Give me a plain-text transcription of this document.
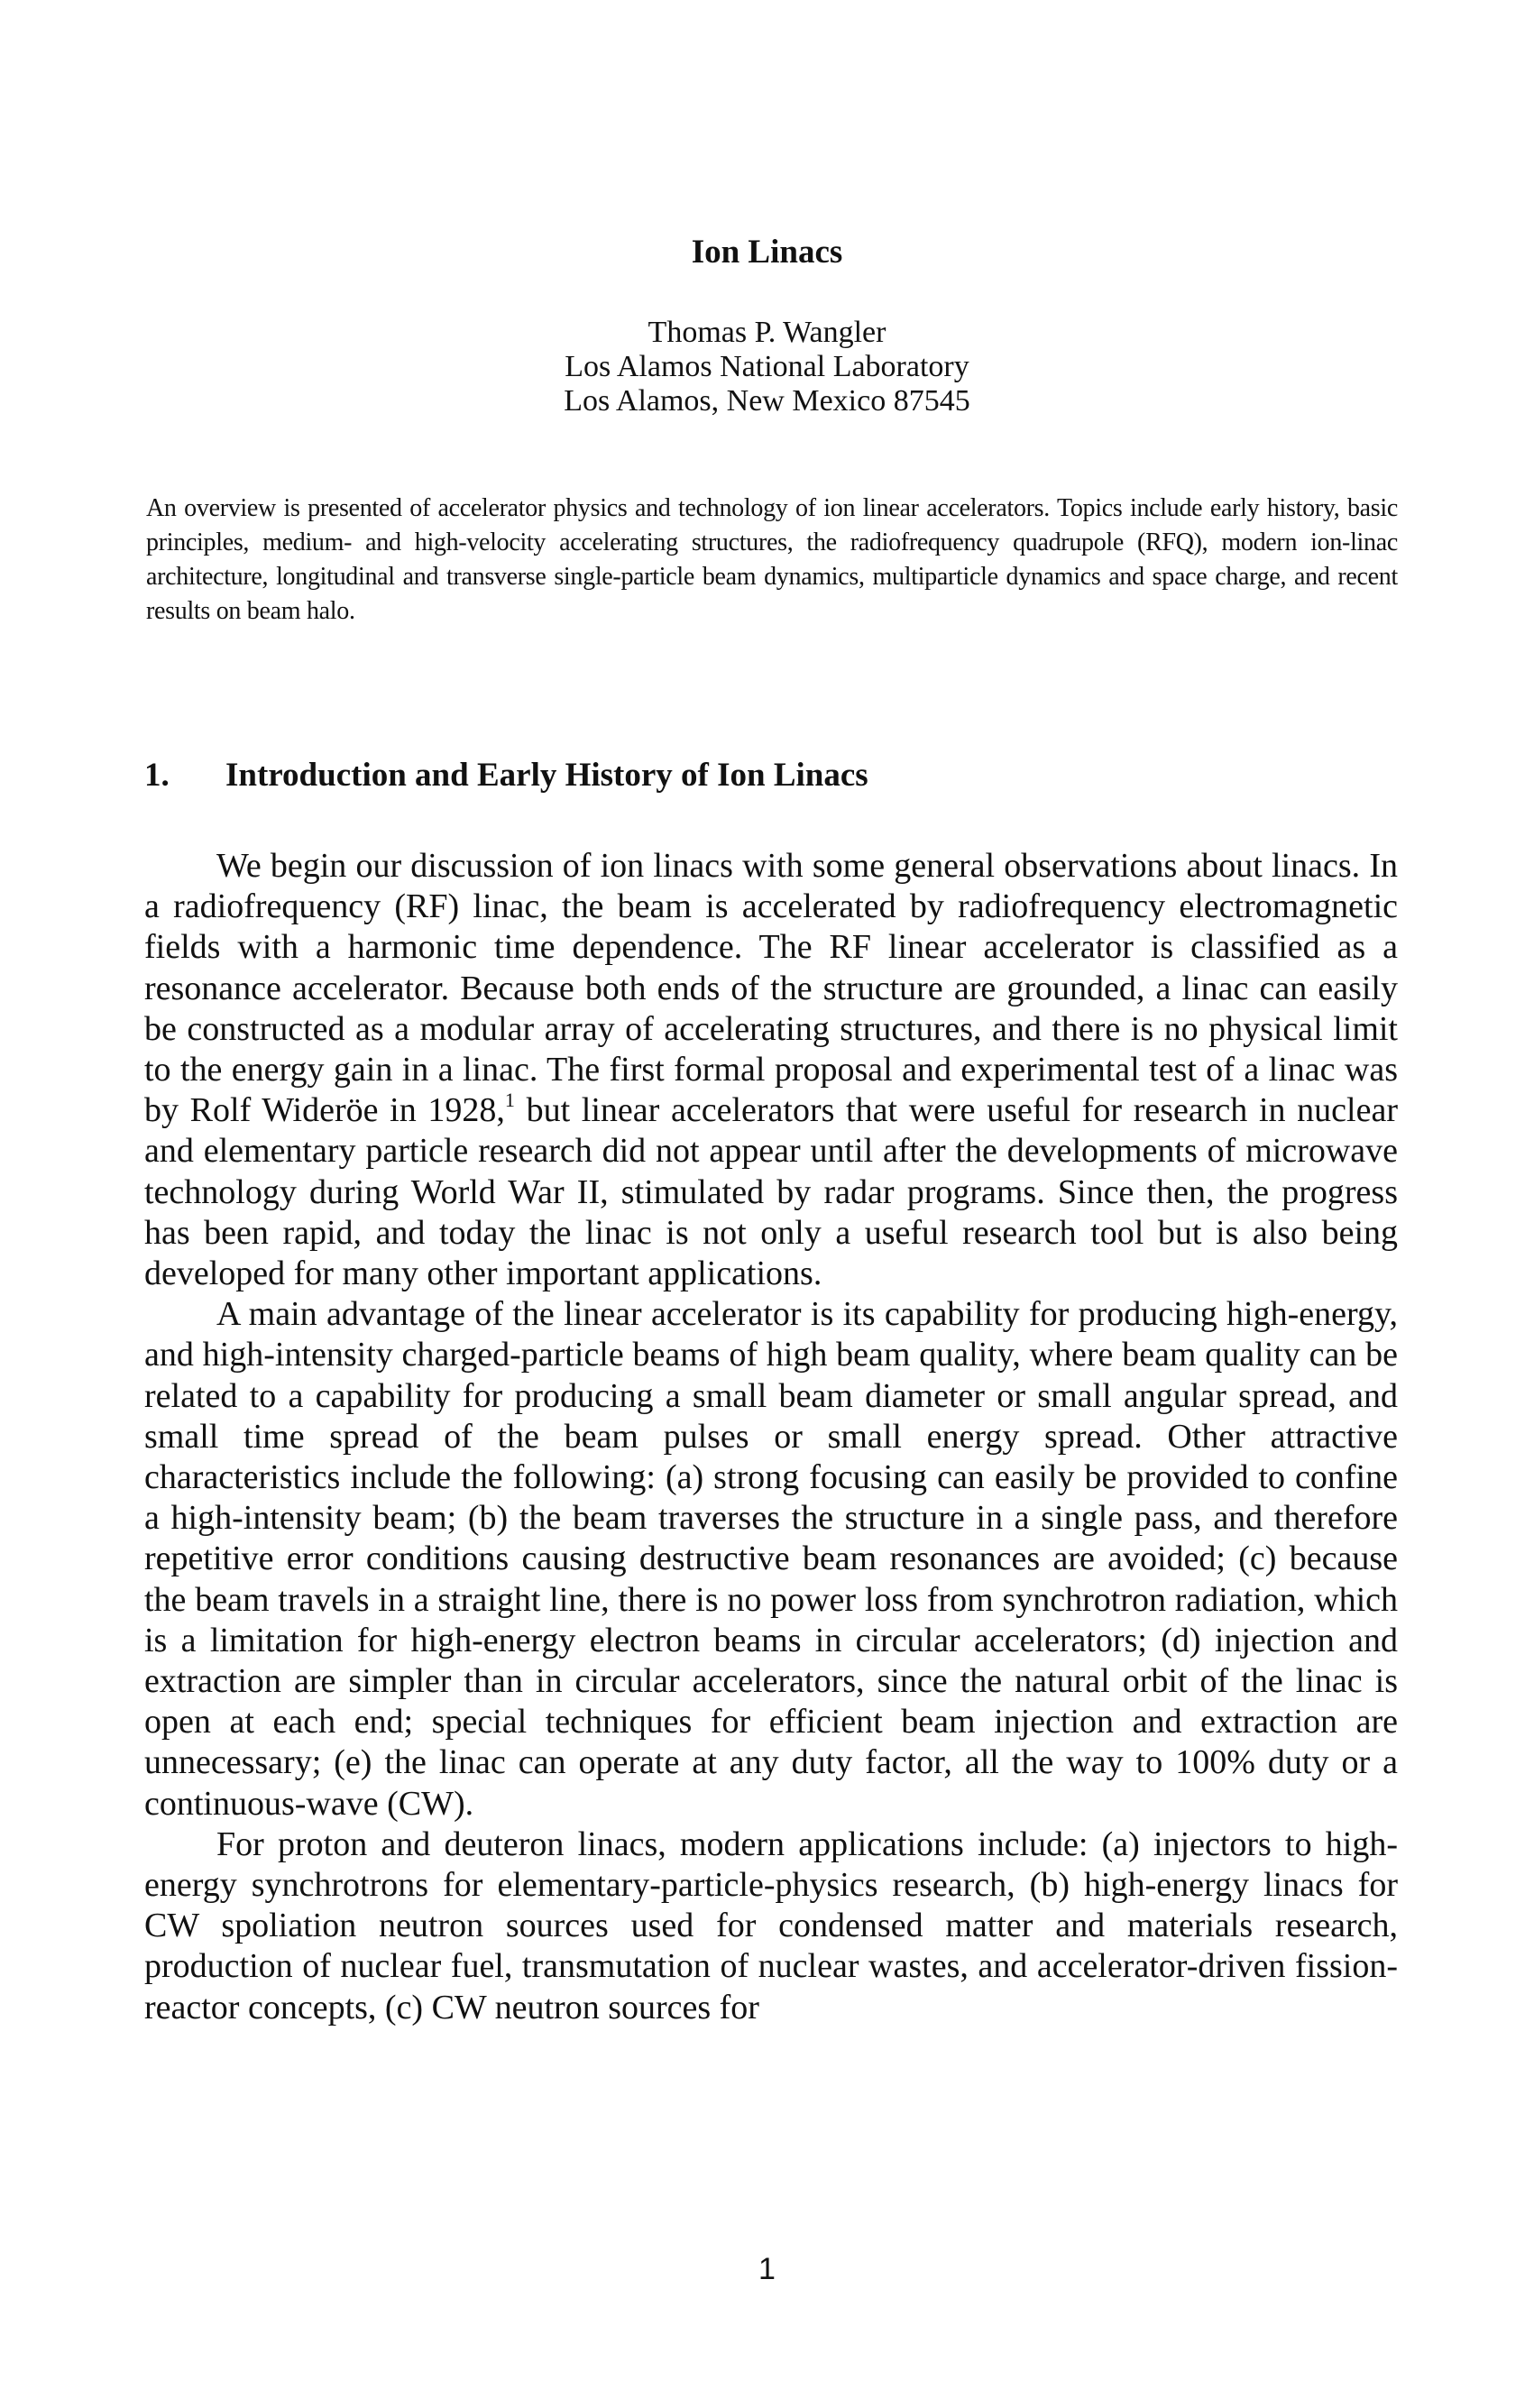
Ion Linacs
Thomas P. Wangler
Los Alamos National Laboratory
Los Alamos, New Mexico 87545
An overview is presented of accelerator physics and technology of ion linear accelerators. Topics include early history, basic principles, medium- and high-velocity accelerating structures, the radiofrequency quadrupole (RFQ), modern ion-linac architecture, longitudinal and transverse single-particle beam dynamics, multiparticle dynamics and space charge, and recent results on beam halo.
1.	Introduction and Early History of Ion Linacs

We begin our discussion of ion linacs with some general observations about linacs. In a radiofrequency (RF) linac, the beam is accelerated by radiofrequency electromagnetic fields with a harmonic time dependence. The RF linear accelerator is classified as a resonance accelerator. Because both ends of the structure are grounded, a linac can easily be constructed as a modular array of accelerating structures, and there is no physical limit to the energy gain in a linac. The first formal proposal and experimental test of a linac was by Rolf Wideröe in 1928,$^1$ but linear accelerators that were useful for research in nuclear and elementary particle research did not appear until after the developments of microwave technology during World War II, stimulated by radar programs. Since then, the progress has been rapid, and today the linac is not only a useful research tool but is also being developed for many other important applications.

A main advantage of the linear accelerator is its capability for producing high-energy, and high-intensity charged-particle beams of high beam quality, where beam quality can be related to a capability for producing a small beam diameter or small angular spread, and small time spread of the beam pulses or small energy spread. Other attractive characteristics include the following: (a) strong focusing can easily be provided to confine a high-intensity beam; (b) the beam traverses the structure in a single pass, and therefore repetitive error conditions causing destructive beam resonances are avoided; (c) because the beam travels in a straight line, there is no power loss from synchrotron radiation, which is a limitation for high-energy electron beams in circular accelerators; (d) injection and extraction are simpler than in circular accelerators, since the natural orbit of the linac is open at each end; special techniques for efficient beam injection and extraction are unnecessary; (e) the linac can operate at any duty factor, all the way to 100% duty or a continuous-wave (CW).

For proton and deuteron linacs, modern applications include: (a) injectors to high-energy synchrotrons for elementary-particle-physics research, (b) high-energy linacs for CW spoliation neutron sources used for condensed matter and materials research, production of nuclear fuel, transmutation of nuclear wastes, and accelerator-driven fission-reactor concepts, (c) CW neutron sources for

1
